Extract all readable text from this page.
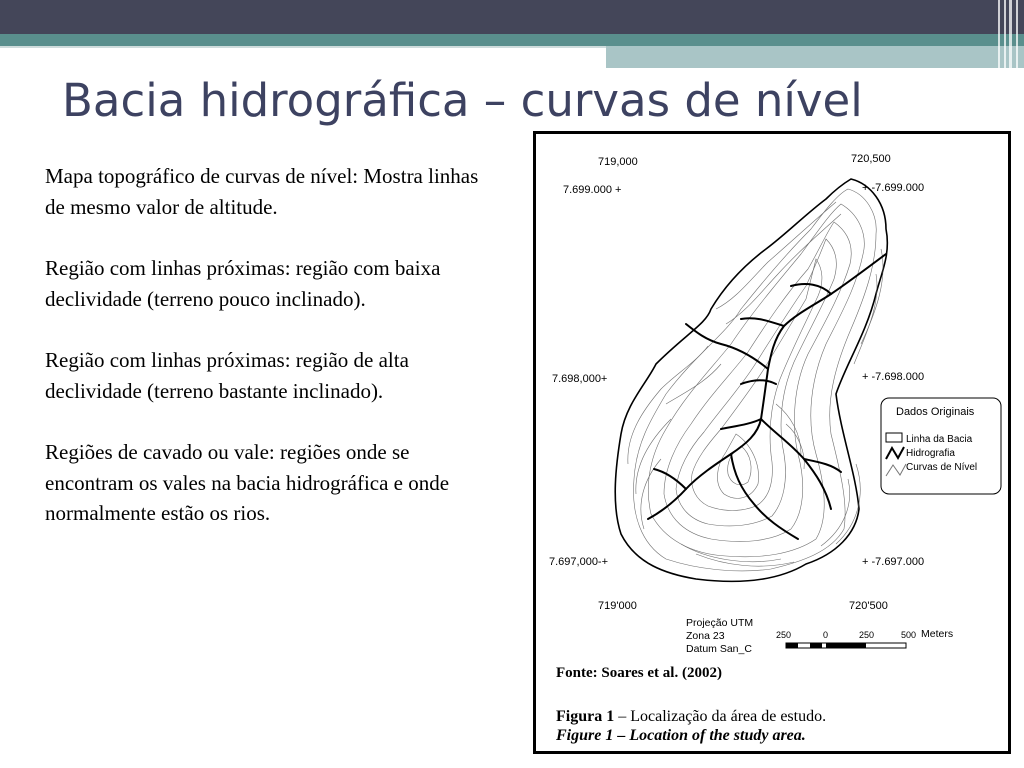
Bacia hidrográfica – curvas de nível

Mapa topográfico de curvas de nível: Mostra linhas de mesmo valor de altitude.

Região com linhas próximas: região com baixa declividade (terreno pouco inclinado).

Região com linhas próximas: região de alta declividade (terreno bastante inclinado).

Regiões de cavado ou vale: regiões onde se encontram os vales na bacia hidrográfica e onde normalmente estão os rios.

719,000	720,500
7.699.000 +	+ -7.699.000
7.698,000+	+ -7.698.000
7.697,000-+	+ -7.697.000
719'000	720'500
Dados Originais
Linha da Bacia
Hidrografia
Curvas de Nível
Projeção UTM
Zona 23
Datum San_C
250	0	250	500 Meters
Fonte: Soares et al. (2002)
Figura 1 – Localização da área de estudo.
Figure 1 – Location of the study area.
